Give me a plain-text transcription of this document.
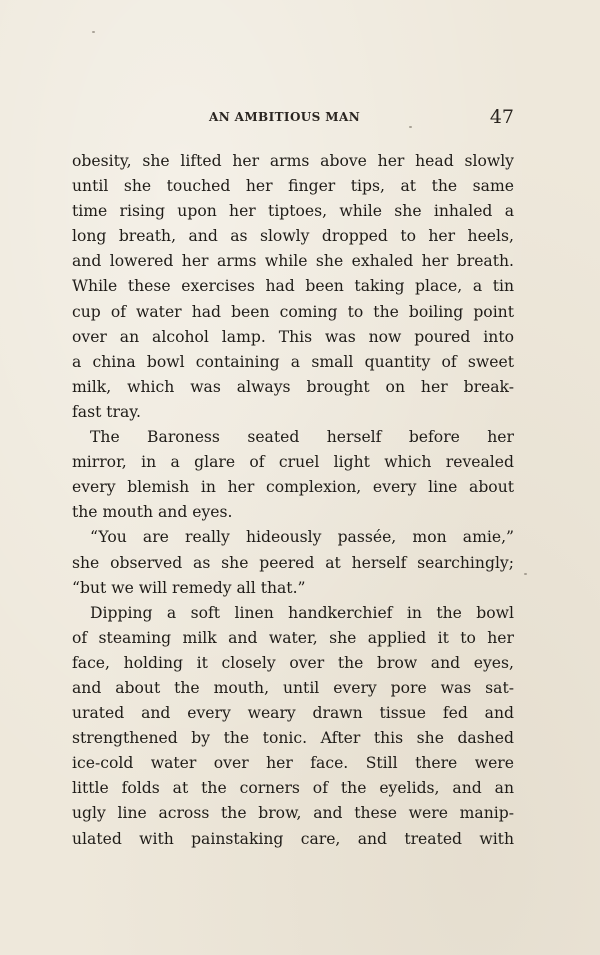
AN AMBITIOUS MAN	47
obesity, she lifted her arms above her head slowly
until she touched her finger tips, at the same
time rising upon her tiptoes, while she inhaled a
long breath, and as slowly dropped to her heels,
and lowered her arms while she exhaled her breath.
While these exercises had been taking place, a tin
cup of water had been coming to the boiling point
over an alcohol lamp. This was now poured into
a china bowl containing a small quantity of sweet
milk, which was always brought on her break-
fast tray.
The Baroness seated herself before her
mirror, in a glare of cruel light which revealed
every blemish in her complexion, every line about
the mouth and eyes.
“You are really hideously passée, mon amie,”
she observed as she peered at herself searchingly;
“but we will remedy all that.”
Dipping a soft linen handkerchief in the bowl
of steaming milk and water, she applied it to her
face, holding it closely over the brow and eyes,
and about the mouth, until every pore was sat-
urated and every weary drawn tissue fed and
strengthened by the tonic. After this she dashed
ice-cold water over her face. Still there were
little folds at the corners of the eyelids, and an
ugly line across the brow, and these were manip-
ulated with painstaking care, and treated with
